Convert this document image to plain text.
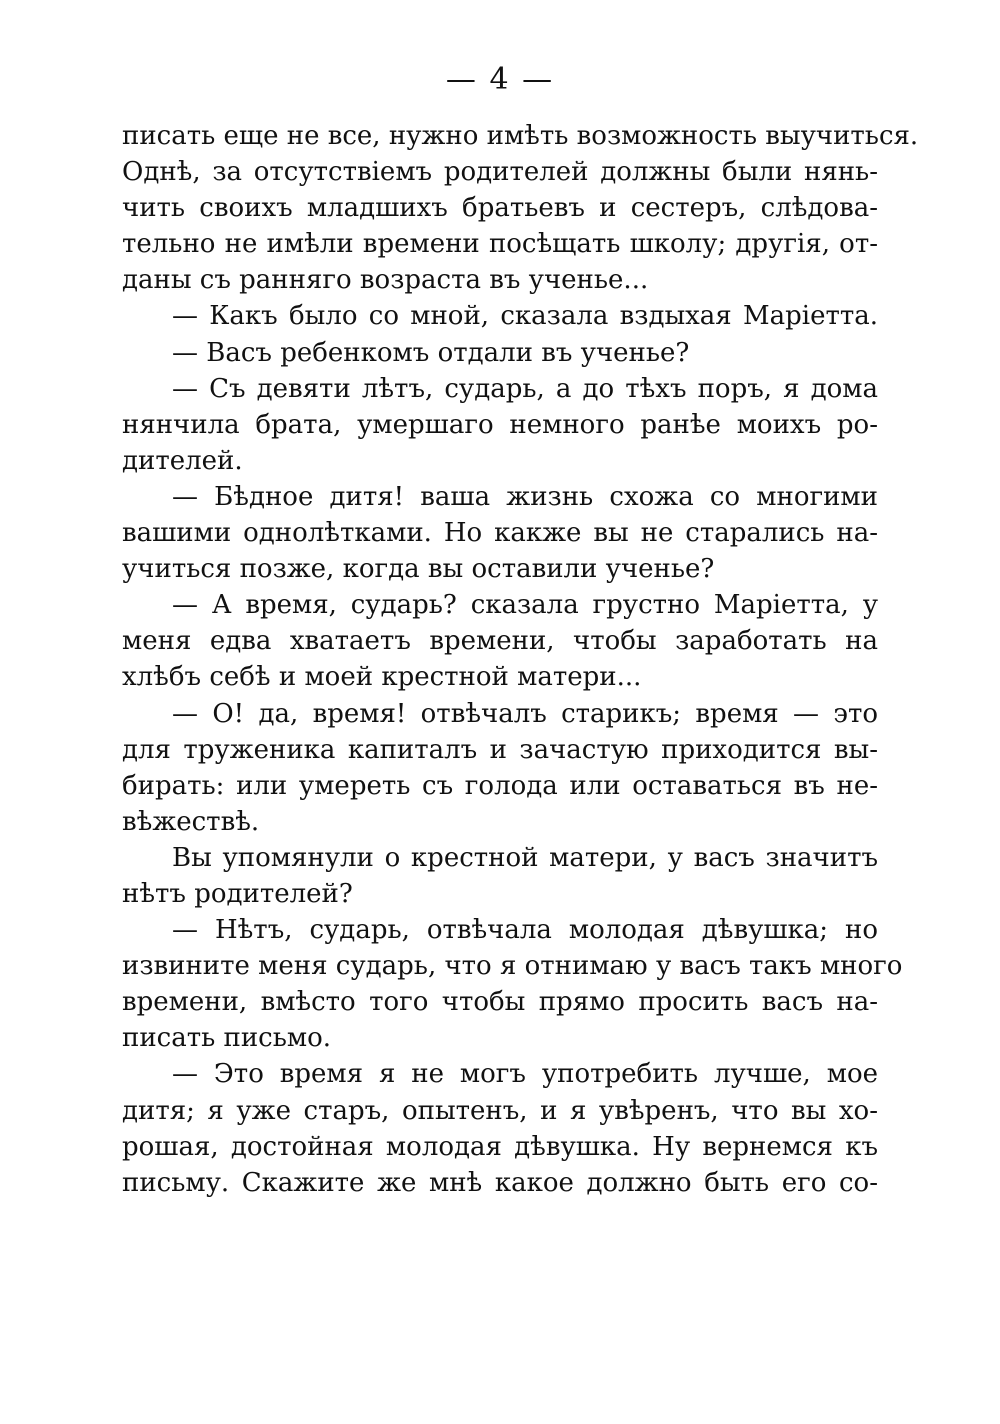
— 4 —
писать еще не все, нужно имѣть возможность выучиться.
Однѣ, за отсутствіемъ родителей должны были нянь-
чить своихъ младшихъ братьевъ и сестеръ, слѣдова-
тельно не имѣли времени посѣщать школу; другія, от-
даны съ ранняго возраста въ ученье...
— Какъ было со мной, сказала вздыхая Маріетта.
— Васъ ребенкомъ отдали въ ученье?
— Съ девяти лѣтъ, сударь, а до тѣхъ поръ, я дома
нянчила брата, умершаго немного ранѣе моихъ ро-
дителей.
— Бѣдное дитя! ваша жизнь схожа со многими
вашими однолѣтками. Но какже вы не старались на-
учиться позже, когда вы оставили ученье?
— А время, сударь? сказала грустно Маріетта, у
меня едва хватаетъ времени, чтобы заработать на
хлѣбъ себѣ и моей крестной матери...
— О! да, время! отвѣчалъ старикъ; время — это
для труженика капиталъ и зачастую приходится вы-
бирать: или умереть съ голода или оставаться въ не-
вѣжествѣ.
Вы упомянули о крестной матери, у васъ значитъ
нѣтъ родителей?
— Нѣтъ, сударь, отвѣчала молодая дѣвушка; но
извините меня сударь, что я отнимаю у васъ такъ много
времени, вмѣсто того чтобы прямо просить васъ на-
писать письмо.
— Это время я не могъ употребить лучше, мое
дитя; я уже старъ, опытенъ, и я увѣренъ, что вы хо-
рошая, достойная молодая дѣвушка. Ну вернемся къ
письму. Скажите же мнѣ какое должно быть его со-
